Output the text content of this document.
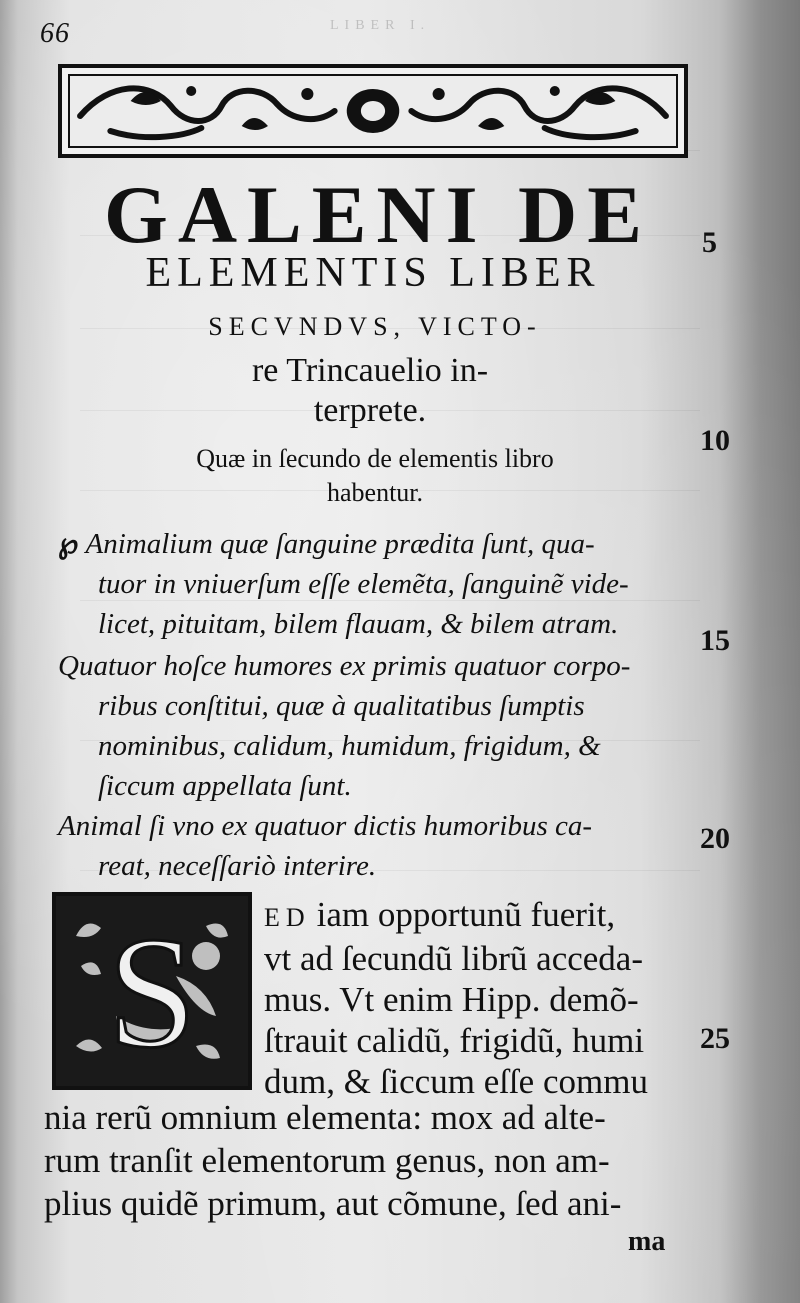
66	LIBER I.
GALENI DE
ELEMENTIS LIBER
SECVNDVS, VICTO-
re Trincauelio in-
terprete.
Quæ in ſecundo de elementis libro
habentur.
℘ Animalium quæ ſanguine prædita ſunt, qua-
tuor in vniuerſum eſſe elemẽta, ſanguinẽ vide-
licet, pituitam, bilem flauam, & bilem atram.
Quatuor hoſce humores ex primis quatuor corpo-
ribus conſtitui, quæ à qualitatibus ſumptis
nominibus, calidum, humidum, frigidum, &
ſiccum appellata ſunt.
Animal ſi vno ex quatuor dictis humoribus ca-
reat, neceſſariò interire.
S	ED iam opportunũ fuerit,
vt ad ſecundũ librũ acceda-
mus. Vt enim Hipp. demõ-
ſtrauit calidũ, frigidũ, humi
dum, & ſiccum eſſe commu
nia rerũ omnium elementa: mox ad alte-
rum tranſit elementorum genus, non am-
plius quidẽ primum, aut cõmune, ſed ani-
ma
5
10
15
20
25
